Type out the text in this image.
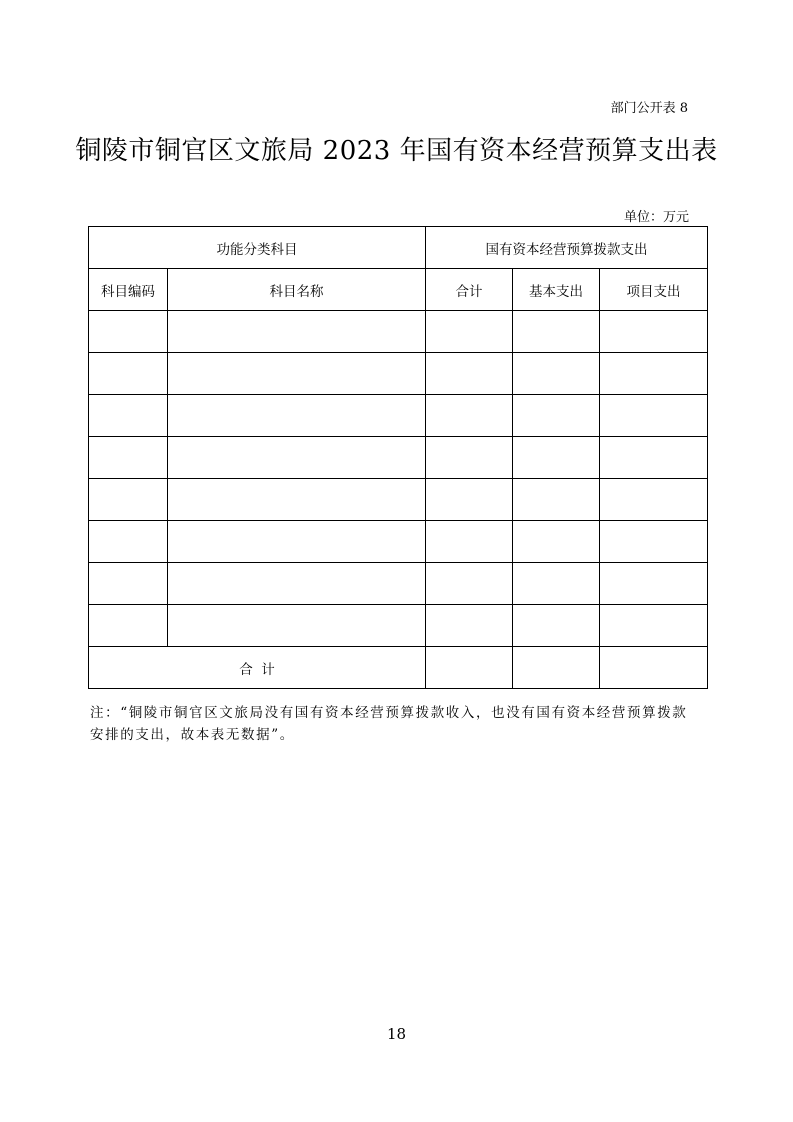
部门公开表 8
铜陵市铜官区文旅局 2023 年国有资本经营预算支出表
单位：万元
功能分类科目		国有资本经营预算拨款支出		
科目编码	科目名称	合计	基本支出	项目支出

合  计				
注：“铜陵市铜官区文旅局没有国有资本经营预算拨款收入，也没有国有资本经营预算拨款安排的支出，故本表无数据”。
18
